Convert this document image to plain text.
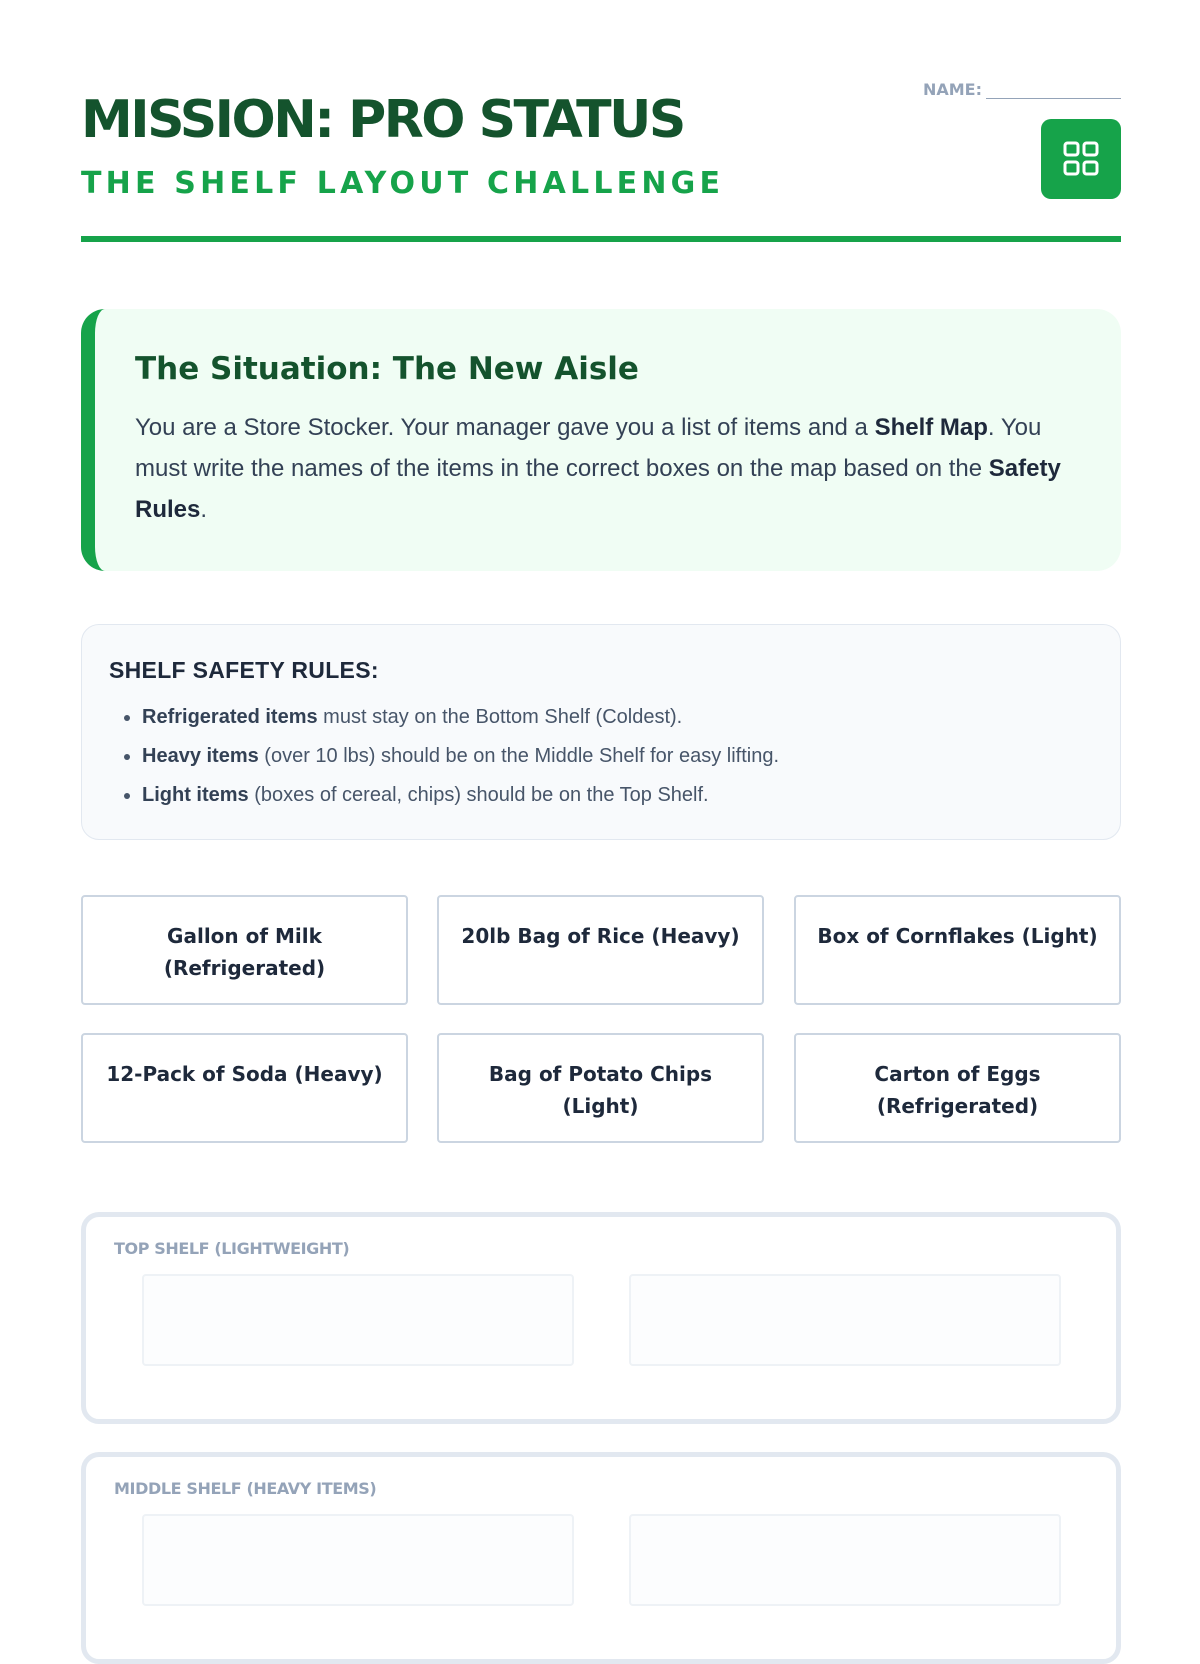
MISSION: PRO STATUS
THE SHELF LAYOUT CHALLENGE
NAME:
The Situation: The New Aisle

You are a Store Stocker. Your manager gave you a list of items and a Shelf Map. You must write the names of the items in the correct boxes on the map based on the Safety Rules.

SHELF SAFETY RULES:
• Refrigerated items must stay on the Bottom Shelf (Coldest).
• Heavy items (over 10 lbs) should be on the Middle Shelf for easy lifting.
• Light items (boxes of cereal, chips) should be on the Top Shelf.
Gallon of Milk (Refrigerated)
20lb Bag of Rice (Heavy)	Box of Cornflakes (Light)
12-Pack of Soda (Heavy)	Bag of Potato Chips (Light)
Carton of Eggs (Refrigerated)
TOP SHELF (LIGHTWEIGHT)
MIDDLE SHELF (HEAVY ITEMS)
